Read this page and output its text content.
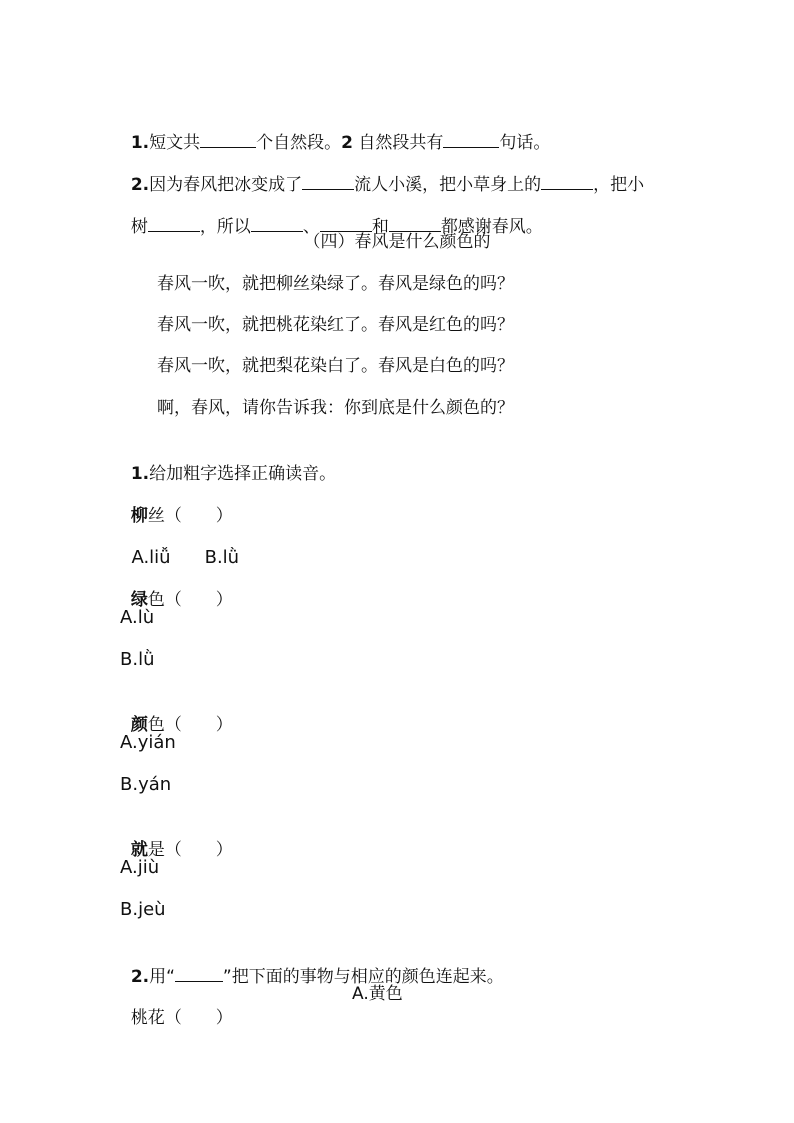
1.短文共	个自然段。2 自然段共有	句话。

2.因为春风把冰变成了	流人小溪，把小草身上的	，把小

树	，所以	、	和	都感谢春风。

（四）春风是什么颜色的
春风一吹，就把柳丝染绿了。春风是绿色的吗？
春风一吹，就把桃花染红了。春风是红色的吗？
春风一吹，就把梨花染白了。春风是白色的吗？
啊，春风，请你告诉我：你到底是什么颜色的？

1.给加粗字选择正确读音。

柳丝（　　）

A.liǚ B.lǜ

绿色（　　）

A.lù
B.lǜ

颜色（　　）

A.yián
B.yán

就是（　　）

A.jiù
B.jeù

2.用“	”把下面的事物与相应的颜色连起来。

桃花（　　）

A.黄色
